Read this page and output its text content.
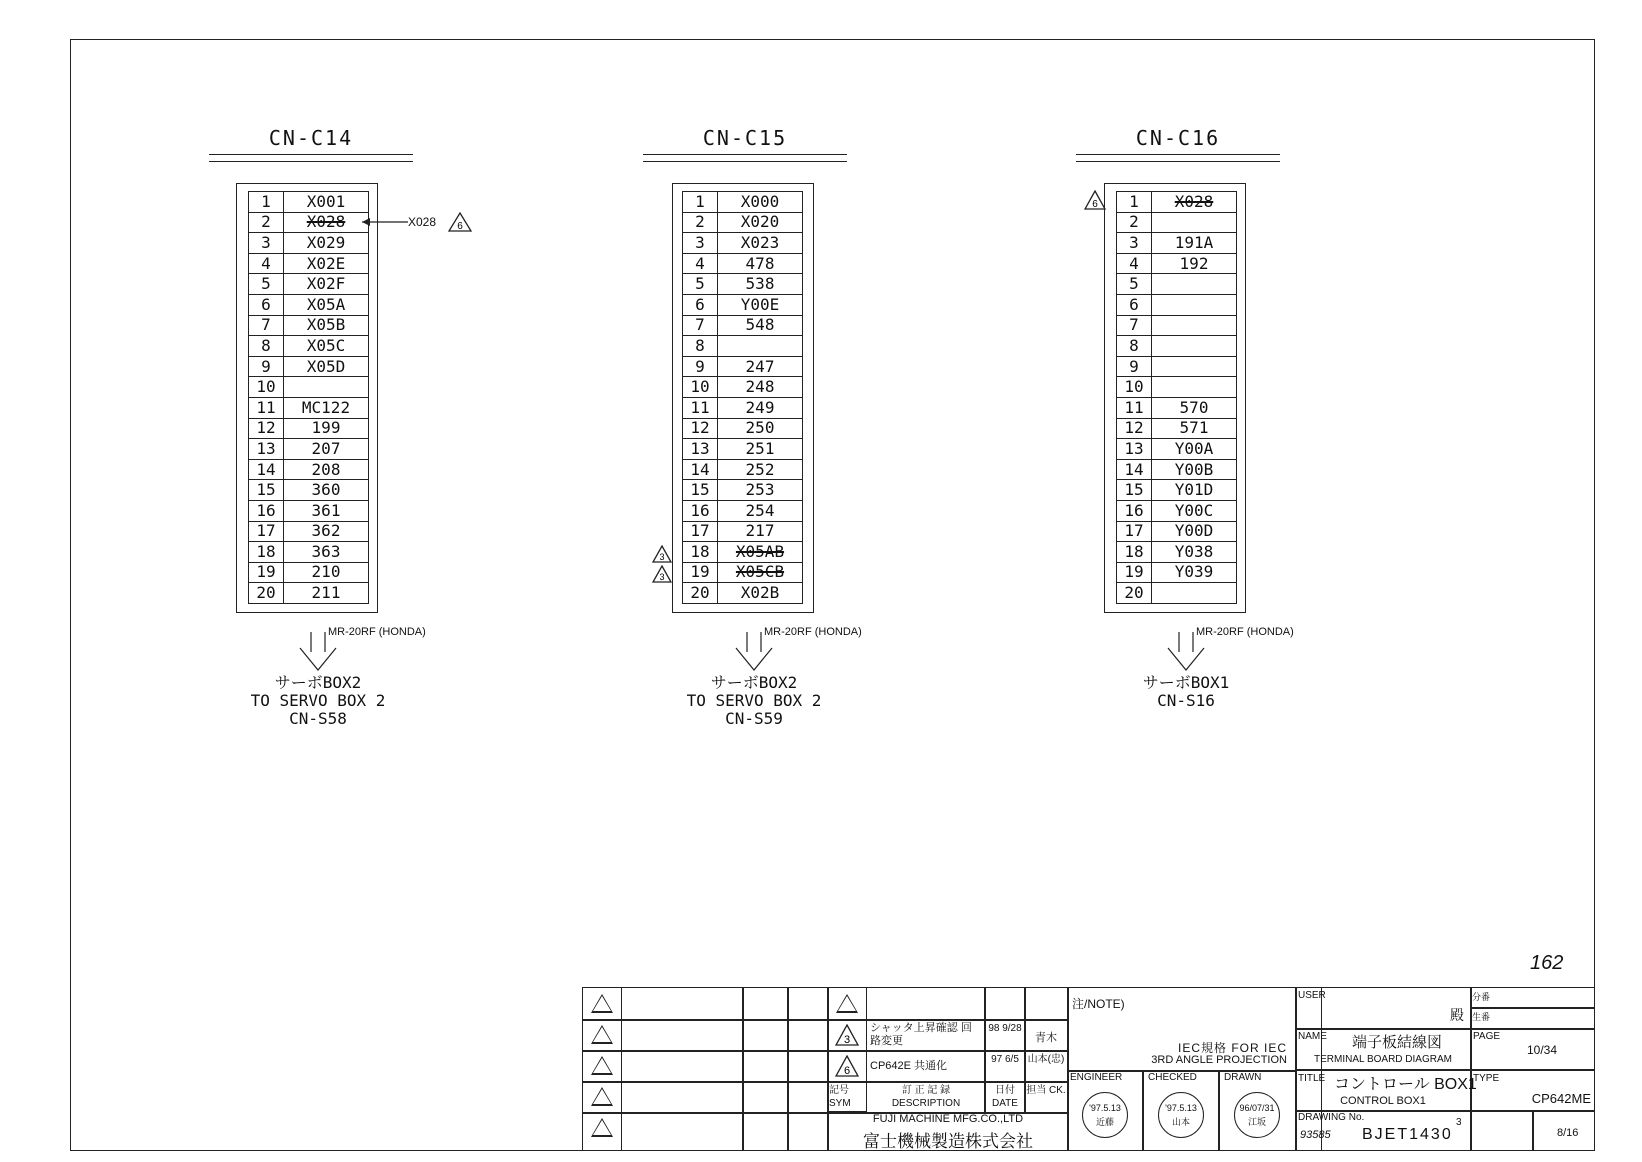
CN-C14
1	X001
2	X028
3	X029
4	X02E
5	X02F
6	X05A
7	X05B
8	X05C
9	X05D
10	
11	MC122
12	199
13	207
14	208
15	360
16	361
17	362
18	363
19	210
20	211
MR-20RF (HONDA)
サーボBOX2
TO SERVO BOX 2
CN-S58
CN-C15
1	X000
2	X020
3	X023
4	478
5	538
6	Y00E
7	548
8	
9	247
10	248
11	249
12	250
13	251
14	252
15	253
16	254
17	217
18	X05AB
19	X05CB
20	X02B
MR-20RF (HONDA)
サーボBOX2
TO SERVO BOX 2
CN-S59
CN-C16
1	X028
2	
3	191A
4	192
5	
6	
7	
8	
9	
10	
11	570
12	571
13	Y00A
14	Y00B
15	Y01D
16	Y00C
17	Y00D
18	Y038
19	Y039
20	
MR-20RF (HONDA)
サーボBOX1
CN-S16
X028 6
3
3
6
162
3
6
シャッタ上昇確認 回路変更
98 9/28
青木
CP642E 共通化
97 6/5 山本(忠)
記号 SYM
訂 正 記 録 DESCRIPTION
日付 DATE
担当 CK.
FUJI MACHINE MFG.CO.,LTD
富士機械製造株式会社
注/NOTE)
IEC規格 FOR IEC
3RD ANGLE PROJECTION
ENGINEER	CHECKED	DRAWN
'97.5.13
近藤
'97.5.13
山本
96/07/31
江坂
USER
殿
分番
生番
NAME 端子板結線図
TERMINAL BOARD DIAGRAM
PAGE
10/34
TITLE コントロール BOX1
CONTROL BOX1
TYPE
CP642ME
DRAWING No.
93585 BJET1430
3
8/16
